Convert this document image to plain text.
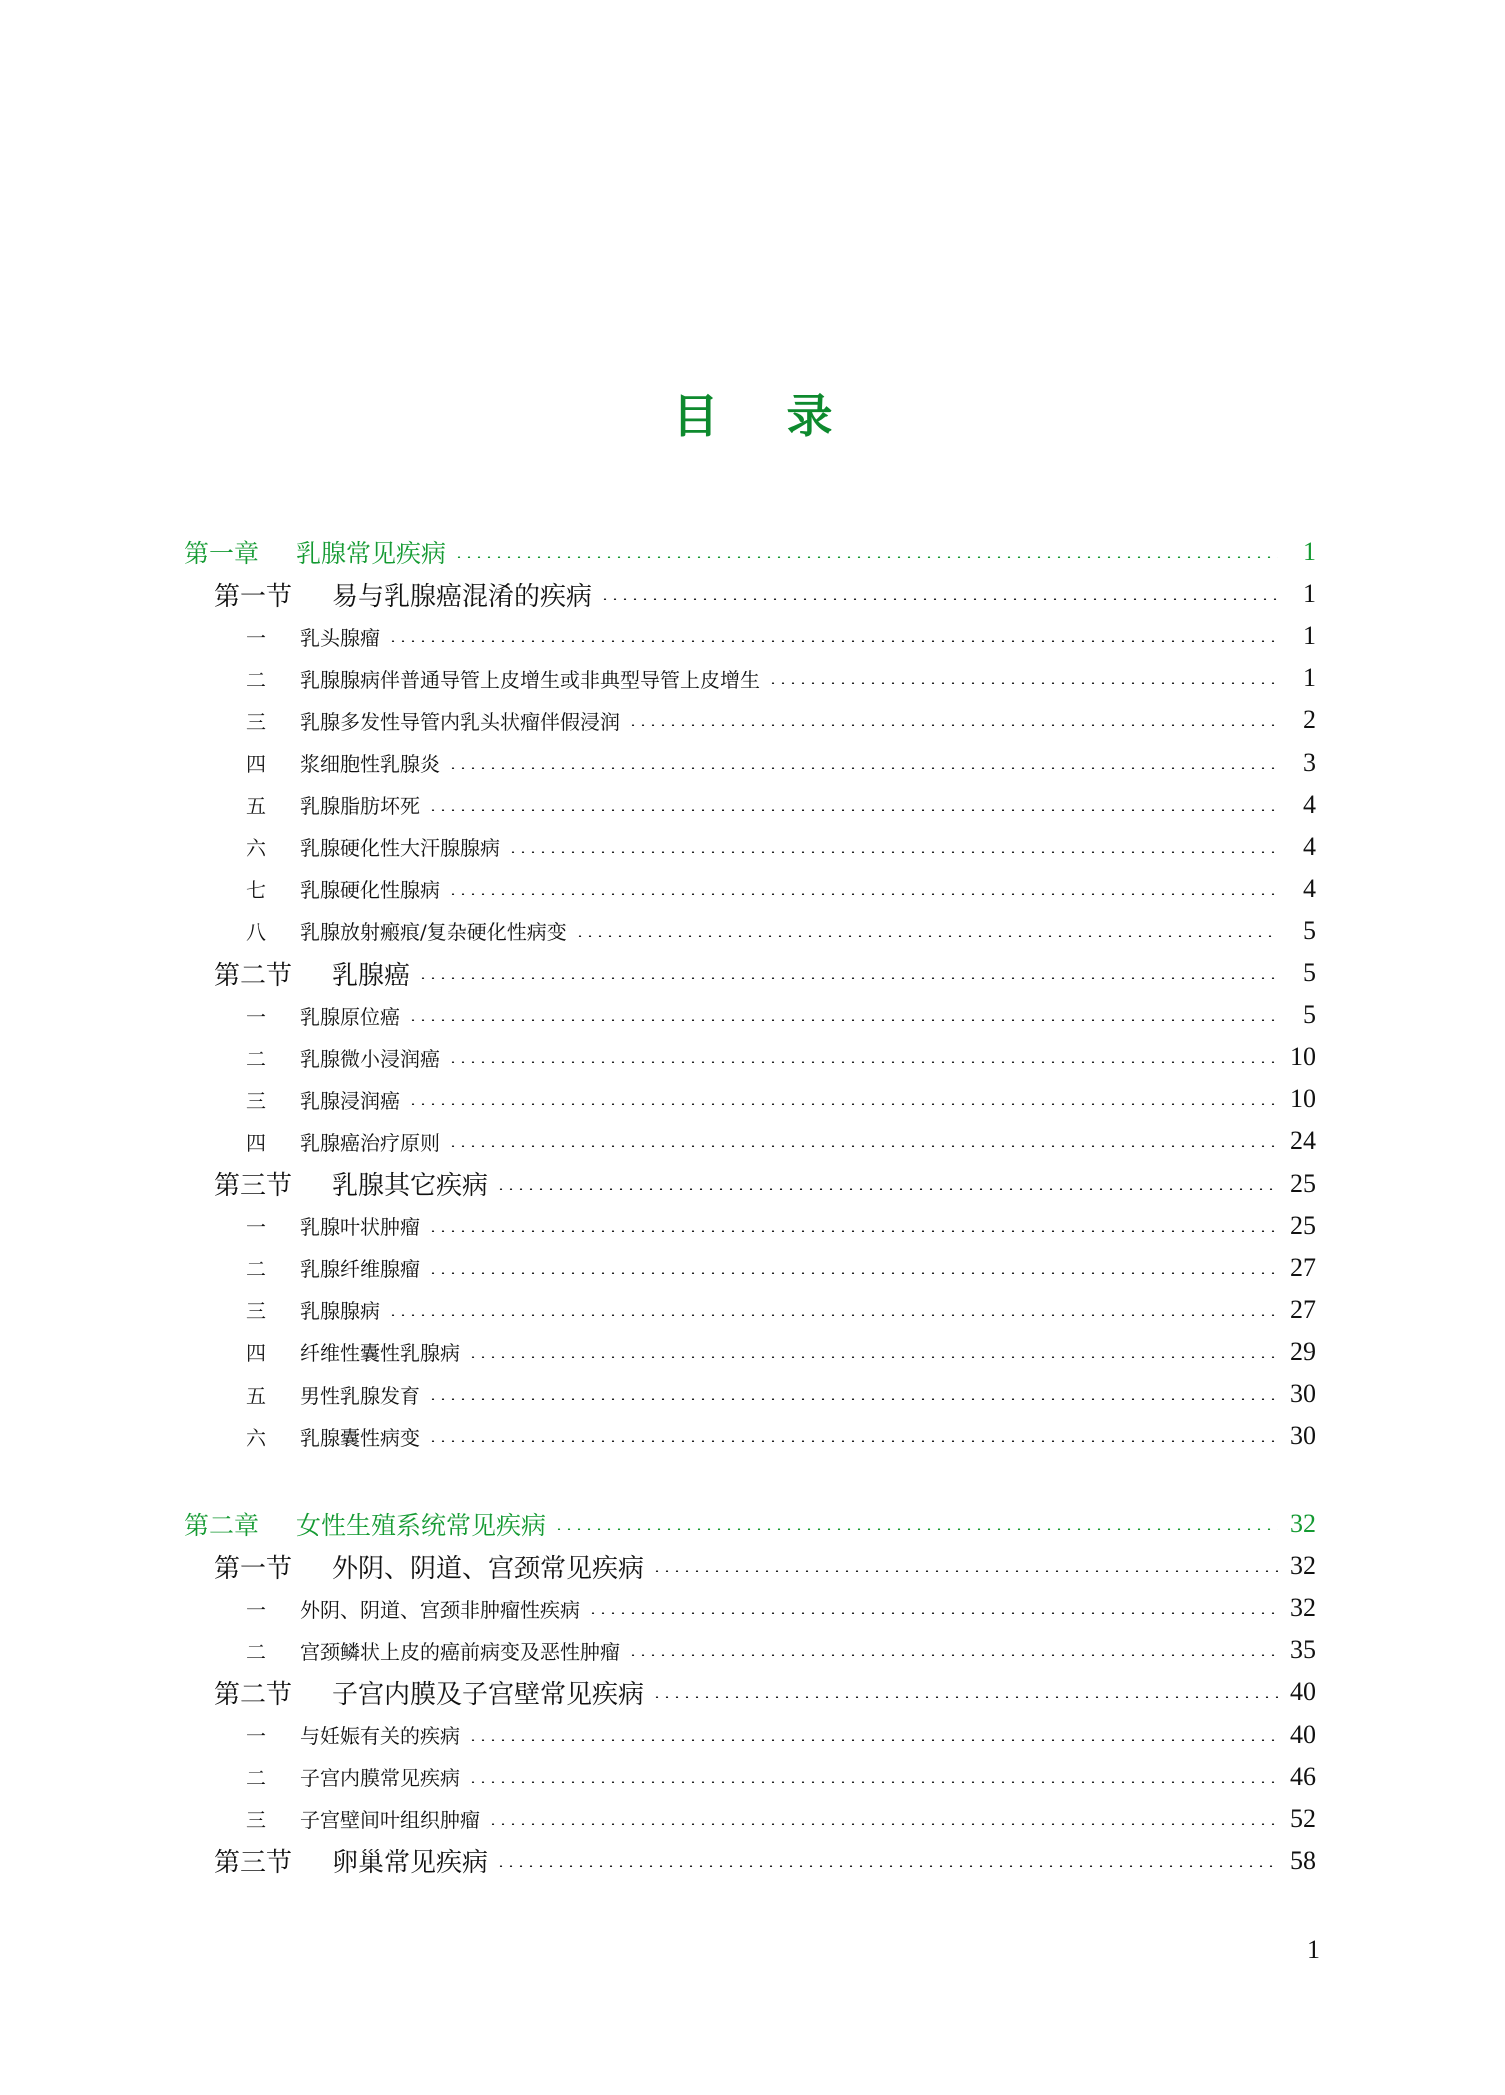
目录
第一章	乳腺常见疾病	1
第一节	易与乳腺癌混淆的疾病	1
一	乳头腺瘤	1
二	乳腺腺病伴普通导管上皮增生或非典型导管上皮增生	1
三	乳腺多发性导管内乳头状瘤伴假浸润	2
四	浆细胞性乳腺炎	3
五	乳腺脂肪坏死	4
六	乳腺硬化性大汗腺腺病	4
七	乳腺硬化性腺病	4
八	乳腺放射瘢痕/复杂硬化性病变	5
第二节	乳腺癌	5
一	乳腺原位癌	5
二	乳腺微小浸润癌	10
三	乳腺浸润癌	10
四	乳腺癌治疗原则	24
第三节	乳腺其它疾病	25
一	乳腺叶状肿瘤	25
二	乳腺纤维腺瘤	27
三	乳腺腺病	27
四	纤维性囊性乳腺病	29
五	男性乳腺发育	30
六	乳腺囊性病变	30
第二章	女性生殖系统常见疾病	32
第一节	外阴、阴道、宫颈常见疾病	32
一	外阴、阴道、宫颈非肿瘤性疾病	32
二	宫颈鳞状上皮的癌前病变及恶性肿瘤	35
第二节	子宫内膜及子宫壁常见疾病	40
一	与妊娠有关的疾病	40
二	子宫内膜常见疾病	46
三	子宫壁间叶组织肿瘤	52
第三节	卵巢常见疾病	58
1
